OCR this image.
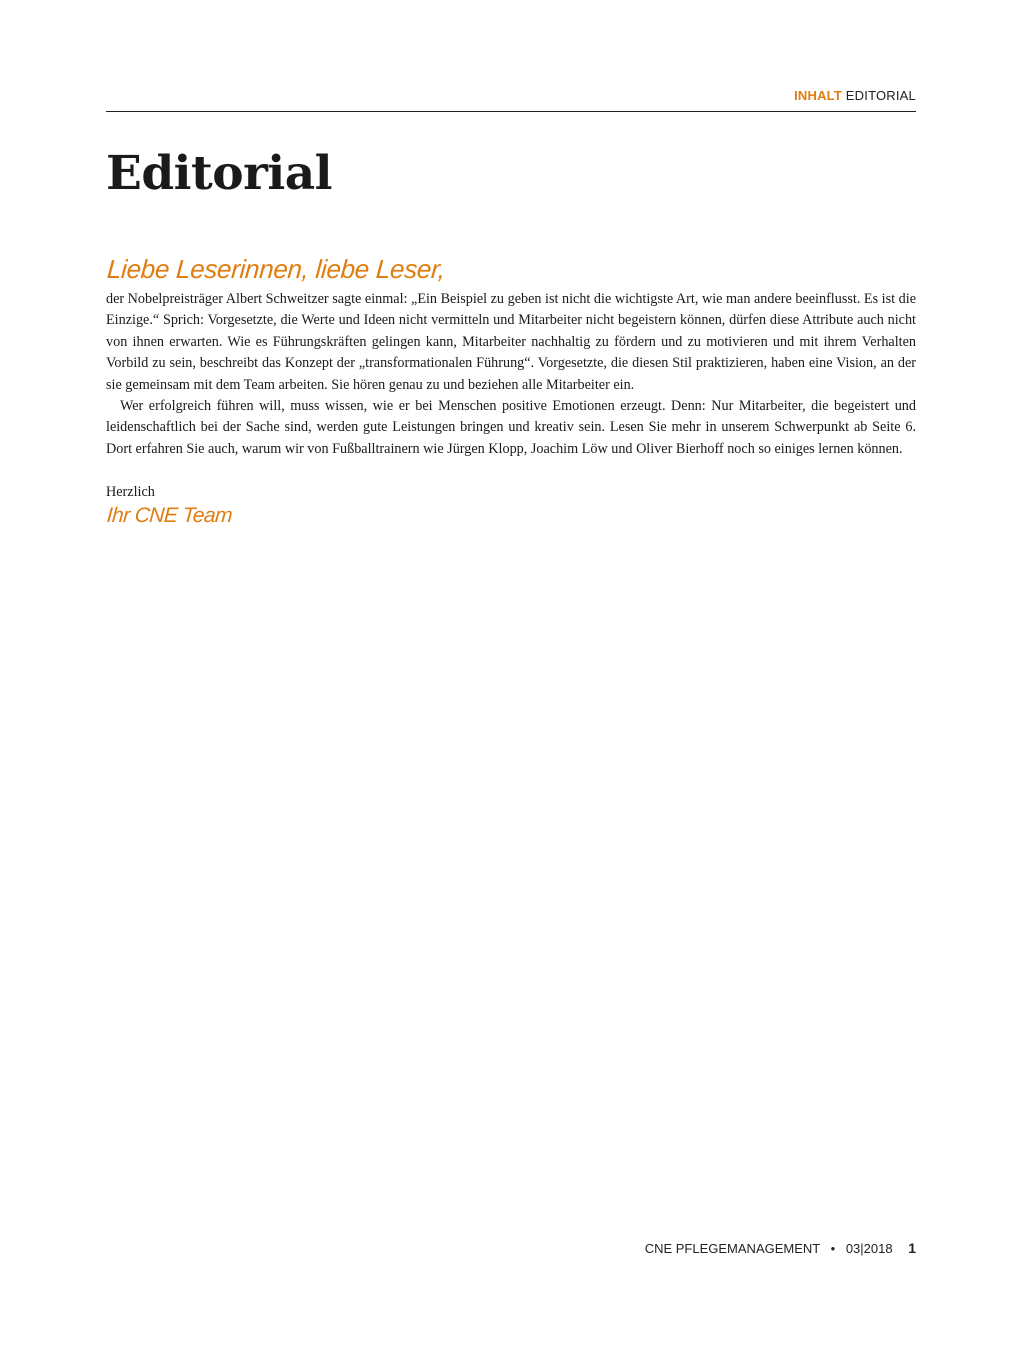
INHALT EDITORIAL
Editorial
Liebe Leserinnen, liebe Leser,

der Nobelpreisträger Albert Schweitzer sagte einmal: „Ein Beispiel zu geben ist nicht die wichtigste Art, wie man andere beeinflusst. Es ist die Einzige.“ Sprich: Vorgesetzte, die Werte und Ideen nicht vermitteln und Mitarbeiter nicht begeistern können, dürfen diese Attribute auch nicht von ihnen erwarten. Wie es Führungskräften gelingen kann, Mitarbeiter nachhaltig zu fördern und zu motivieren und mit ihrem Verhalten Vorbild zu sein, beschreibt das Konzept der „transformationalen Führung“. Vorgesetzte, die diesen Stil praktizieren, haben eine Vision, an der sie gemeinsam mit dem Team arbeiten. Sie hören genau zu und beziehen alle Mitarbeiter ein.

Wer erfolgreich führen will, muss wissen, wie er bei Menschen positive Emotionen erzeugt. Denn: Nur Mitarbeiter, die begeistert und leidenschaftlich bei der Sache sind, werden gute Leistungen bringen und kreativ sein. Lesen Sie mehr in unserem Schwerpunkt ab Seite 6. Dort erfahren Sie auch, warum wir von Fußballtrainern wie Jürgen Klopp, Joachim Löw und Oliver Bierhoff noch so einiges lernen können.

Herzlich
Ihr CNE Team
CNE PFLEGEMANAGEMENT • 03|2018 1
